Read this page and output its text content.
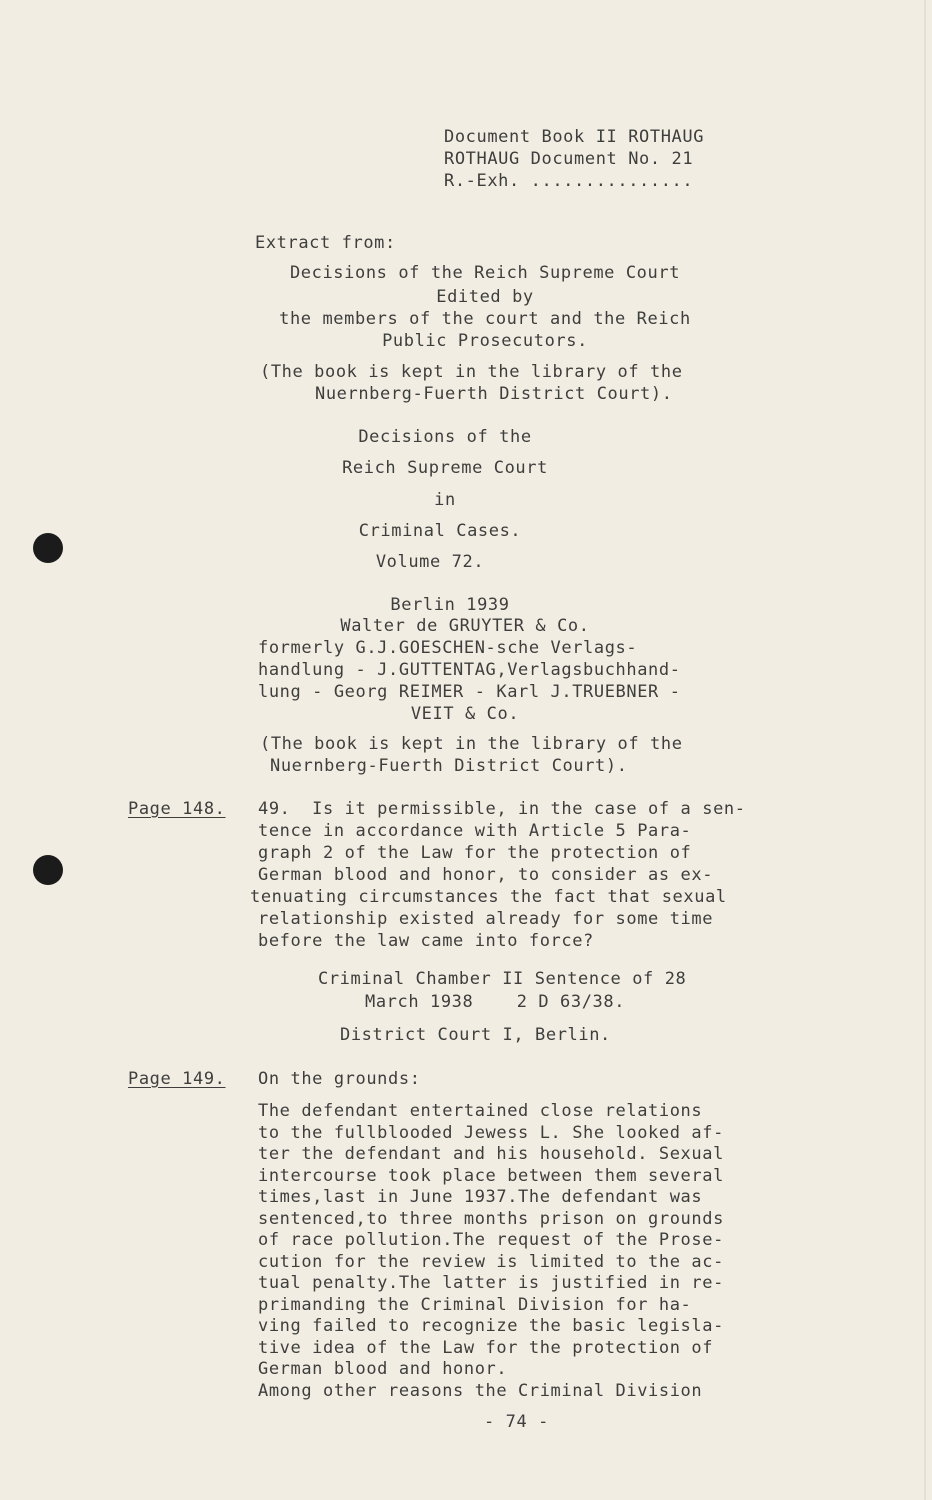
Document Book II ROTHAUG
ROTHAUG Document No. 21
R.-Exh. ...............
Extract from:
Decisions of the Reich Supreme Court
Edited by
the members of the court and the Reich
Public Prosecutors.
(The book is kept in the library of the
Nuernberg-Fuerth District Court).
Decisions of the
Reich Supreme Court
in
Criminal Cases.
Volume 72.
Berlin 1939
Walter de GRUYTER & Co.
formerly G.J.GOESCHEN-sche Verlags-
handlung - J.GUTTENTAG,Verlagsbuchhand-
lung - Georg REIMER - Karl J.TRUEBNER -
VEIT & Co.
(The book is kept in the library of the
Nuernberg-Fuerth District Court).
Page 148. 49.  Is it permissible, in the case of a sen-
tence in accordance with Article 5 Para-
graph 2 of the Law for the protection of
German blood and honor, to consider as ex-
tenuating circumstances the fact that sexual
relationship existed already for some time
before the law came into force?
Criminal Chamber II Sentence of 28
March 1938    2 D 63/38.
District Court I, Berlin.
Page 149. On the grounds:
The defendant entertained close relations
to the fullblooded Jewess L. She looked af-
ter the defendant and his household. Sexual
intercourse took place between them several
times,last in June 1937.The defendant was
sentenced,to three months prison on grounds
of race pollution.The request of the Prose-
cution for the review is limited to the ac-
tual penalty.The latter is justified in re-
primanding the Criminal Division for ha-
ving failed to recognize the basic legisla-
tive idea of the Law for the protection of
German blood and honor.
Among other reasons the Criminal Division
- 74 -
